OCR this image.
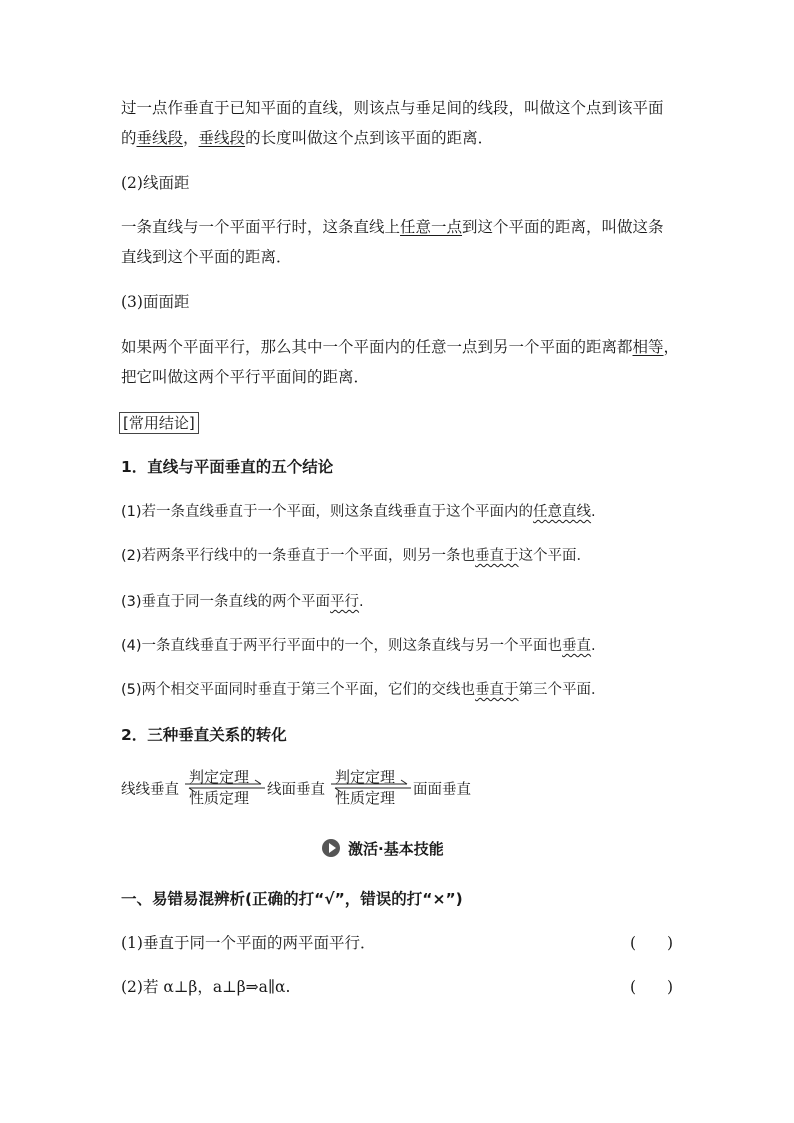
过一点作垂直于已知平面的直线，则该点与垂足间的线段，叫做这个点到该平面
的垂线段，垂线段的长度叫做这个点到该平面的距离．
(2)线面距
一条直线与一个平面平行时，这条直线上任意一点到这个平面的距离，叫做这条
直线到这个平面的距离．
(3)面面距
如果两个平面平行，那么其中一个平面内的任意一点到另一个平面的距离都相等，
把它叫做这两个平行平面间的距离．
[常用结论]
1．直线与平面垂直的五个结论
(1)若一条直线垂直于一个平面，则这条直线垂直于这个平面内的任意直线.
(2)若两条平行线中的一条垂直于一个平面，则另一条也垂直于这个平面．
(3)垂直于同一条直线的两个平面平行.
(4)一条直线垂直于两平行平面中的一个，则这条直线与另一个平面也垂直.
(5)两个相交平面同时垂直于第三个平面，它们的交线也垂直于第三个平面．
2．三种垂直关系的转化
线线垂直
判定定理
性质定理 线面垂直
判定定理
性质定理 面面垂直
激活·基本技能
一、易错易混辨析(正确的打“√”，错误的打“×”)
(1)垂直于同一个平面的两平面平行．	(　　)
(2)若 α⊥β，a⊥β⇒a∥α.	(　　)
